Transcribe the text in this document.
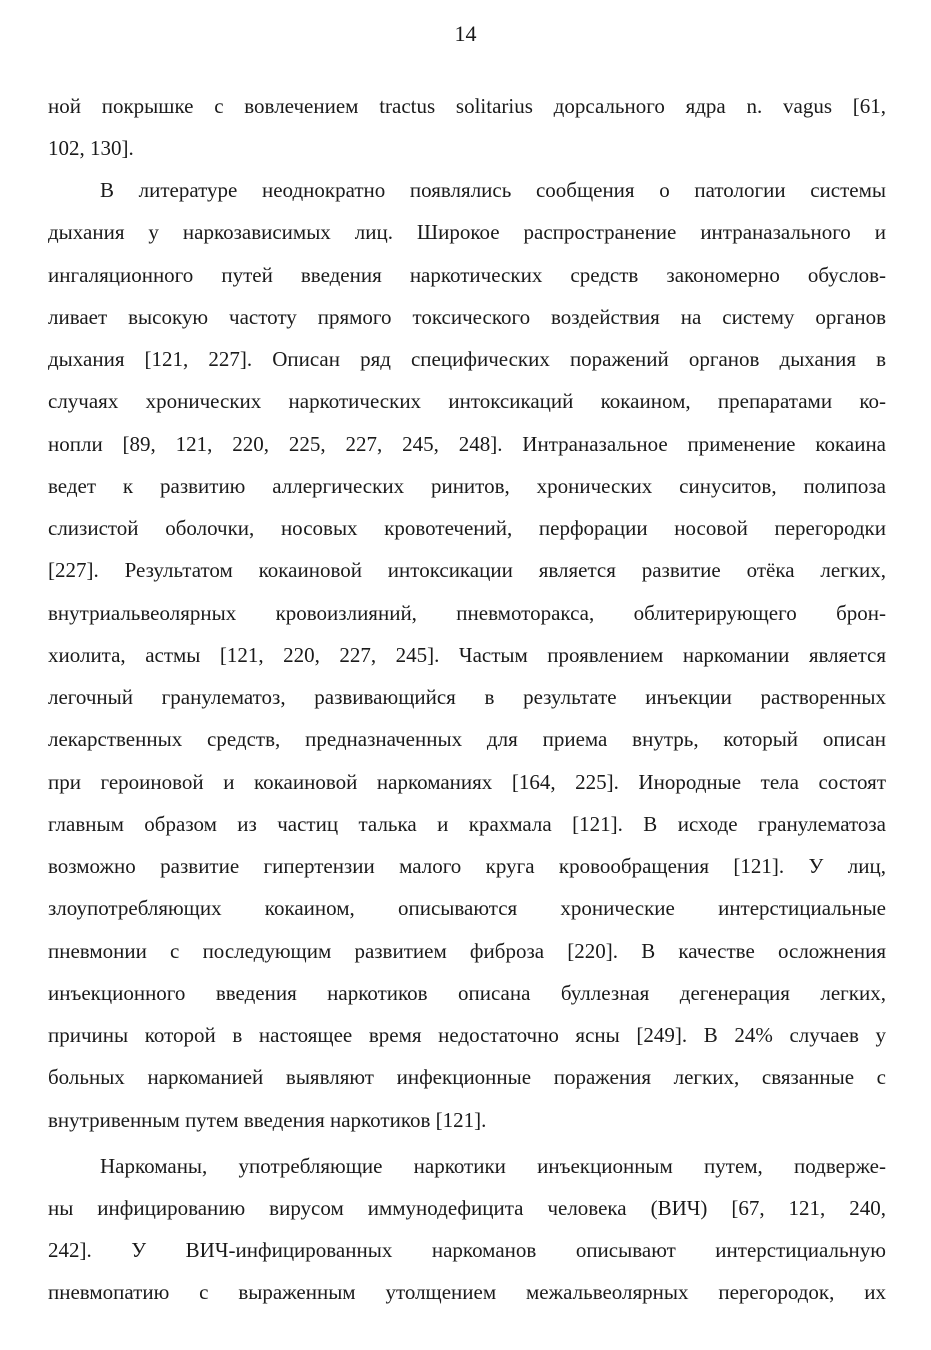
14
ной покрышке с вовлечением tractus solitarius дорсального ядра n. vagus [61,
102, 130].
В литературе неоднократно появлялись сообщения о патологии системы
дыхания у наркозависимых лиц. Широкое распространение интраназального и
ингаляционного путей введения наркотических средств закономерно обуслов-
ливает высокую частоту прямого токсического воздействия на систему органов
дыхания [121, 227]. Описан ряд специфических поражений органов дыхания в
случаях хронических наркотических интоксикаций кокаином, препаратами ко-
нопли [89, 121, 220, 225, 227, 245, 248]. Интраназальное применение кокаина
ведет к развитию аллергических ринитов, хронических синуситов, полипоза
слизистой оболочки, носовых кровотечений, перфорации носовой перегородки
[227]. Результатом кокаиновой интоксикации является развитие отёка легких,
внутриальвеолярных кровоизлияний, пневмоторакса, облитерирующего брон-
хиолита, астмы [121, 220, 227, 245]. Частым проявлением наркомании является
легочный гранулематоз, развивающийся в результате инъекции растворенных
лекарственных средств, предназначенных для приема внутрь, который описан
при героиновой и кокаиновой наркоманиях [164, 225]. Инородные тела состоят
главным образом из частиц талька и крахмала [121]. В исходе гранулематоза
возможно развитие гипертензии малого круга кровообращения [121]. У лиц,
злоупотребляющих кокаином, описываются хронические интерстициальные
пневмонии с последующим развитием фиброза [220]. В качестве осложнения
инъекционного введения наркотиков описана буллезная дегенерация легких,
причины которой в настоящее время недостаточно ясны [249]. В 24% случаев у
больных наркоманией выявляют инфекционные поражения легких, связанные с
внутривенным путем введения наркотиков [121].
Наркоманы, употребляющие наркотики инъекционным путем, подверже-
ны инфицированию вирусом иммунодефицита человека (ВИЧ) [67, 121, 240,
242]. У ВИЧ-инфицированных наркоманов описывают интерстициальную
пневмопатию с выраженным утолщением межальвеолярных перегородок, их
